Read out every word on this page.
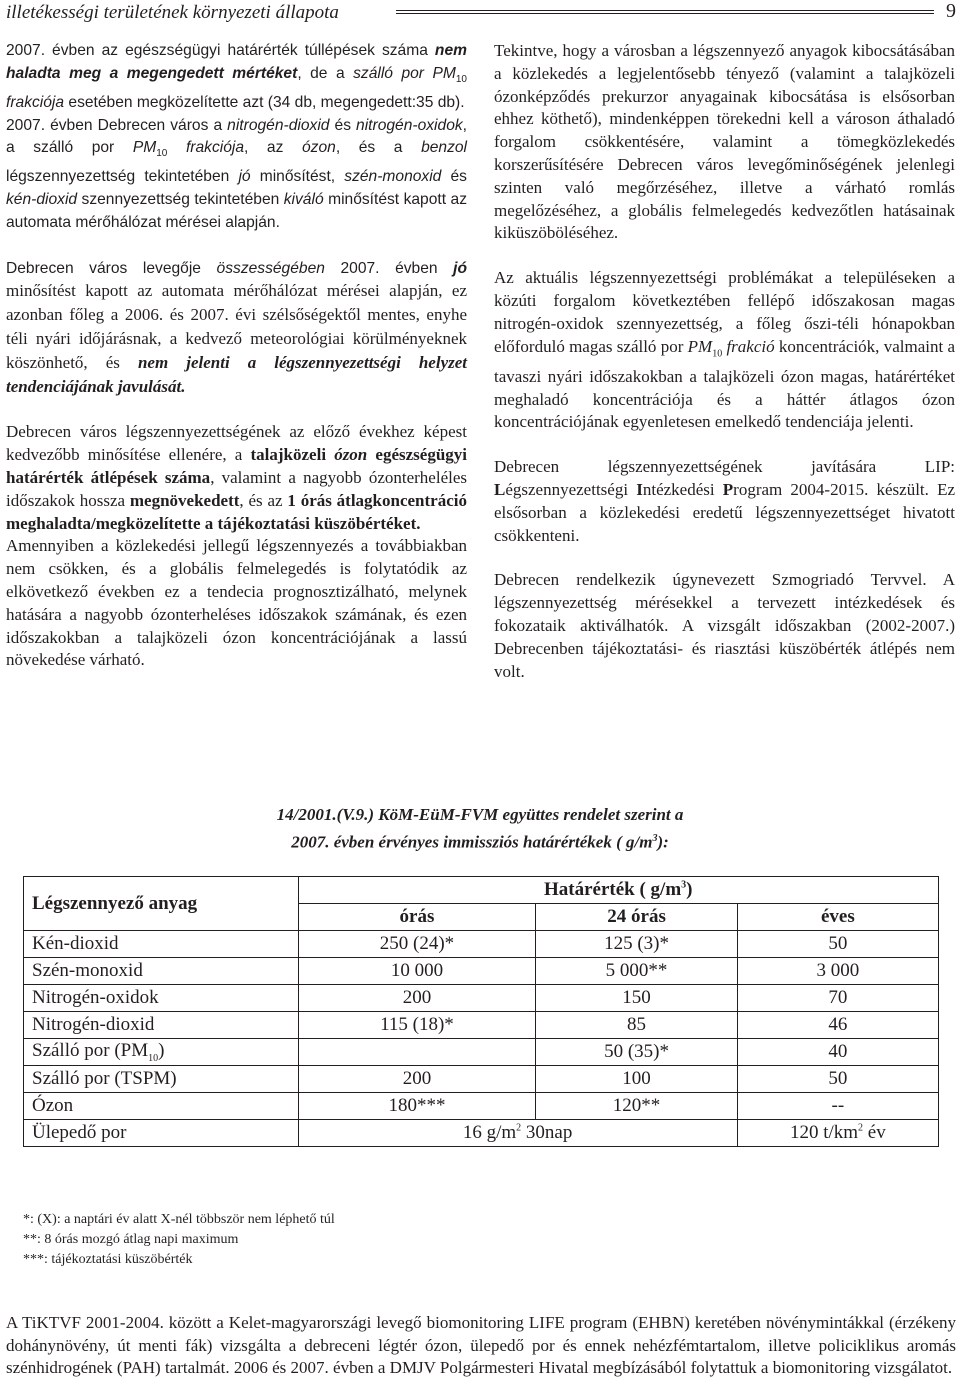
illetékességi területének környezeti állapota	9

2007. évben az egészségügyi határérték túllépések száma nem haladta meg a megengedett mértéket, de a szálló por $PM_{10}$ frakciója esetében megközelítette azt (34 db, megengedett:35 db).

2007. évben Debrecen város a nitrogén-dioxid és nitrogén-oxidok, a szálló por $PM_{10}$ frakciója, az ózon, és a benzol légszennyezettség tekintetében jó minősítést, szén-monoxid és kén-dioxid szennyezettség tekintetében kiváló minősítést kapott az automata mérőhálózat mérései alapján.

Debrecen város levegője összességében 2007. évben jó minősítést kapott az automata mérőhálózat mérései alapján, ez azonban főleg a 2006. és 2007. évi szélsőségektől mentes, enyhe téli nyári időjárásnak, a kedvező meteorológiai körülményeknek köszönhető, és nem jelenti a légszennyezettségi helyzet tendenciájának javulását.

Debrecen város légszennyezettségének az előző évekhez képest kedvezőbb minősítése ellenére, a talajközeli ózon egészségügyi határérték átlépések száma, valamint a nagyobb ózonterheléles időszakok hossza megnövekedett, és az 1 órás átlagkoncentráció meghaladta/megközelítette a tájékoztatási küszöbértéket.

Amennyiben a közlekedési jellegű légszennyezés a továbbiakban nem csökken, és a globális felmelegedés is folytatódik az elkövetkező években ez a tendecia prognosztizálható, melynek hatására a nagyobb ózonterheléses időszakok számának, és ezen időszakokban a talajközeli ózon koncentrációjának a lassú növekedése várható.

Tekintve, hogy a városban a légszennyező anyagok kibocsátásában a közlekedés a legjelentősebb tényező (valamint a talajközeli ózonképződés prekurzor anyagainak kibocsátása is elsősorban ehhez köthető), mindenképpen törekedni kell a városon áthaladó forgalom csökkentésére, valamint a tömegközlekedés korszerűsítésére Debrecen város levegőminőségének jelenlegi szinten való megőrzéséhez, illetve a várható romlás megelőzéséhez, a globális felmelegedés kedvezőtlen hatásainak kiküszöböléséhez.

Az aktuális légszennyezettségi problémákat a településeken a közúti forgalom következtében fellépő időszakosan magas nitrogén-oxidok szennyezettség, a főleg őszi-téli hónapokban előforduló magas szálló por $PM_{10}$ frakció koncentrációk, valmaint a tavaszi nyári időszakokban a talajközeli ózon magas, határértéket meghaladó koncentrációja és a háttér átlagos ózon koncentrációjának egyenletesen emelkedő tendenciája jelenti.

Debrecen légszennyezettségének javítására LIP: Légszennyezettségi Intézkedési Program 2004-2015. készült. Ez elsősorban a közlekedési eredetű légszennyezettséget hivatott csökkenteni.

Debrecen rendelkezik úgynevezett Szmogriadó Tervvel. A légszennyezettség mérésekkel a tervezett intézkedések és fokozataik aktiválhatók. A vizsgált időszakban (2002-2007.) Debrecenben tájékoztatási- és riasztási küszöbérték átlépés nem volt.

14/2001.(V.9.) KöM-EüM-FVM együttes rendelet szerint a
2007. évben érvényes immissziós határértékek ( $g/m^3$):
Légszennyező anyag	Határérték ( $g/m^3$)		
	órás	24 órás	éves
Kén-dioxid	250 (24)*	125 (3)*	50
Szén-monoxid	10 000	5 000**	3 000
Nitrogén-oxidok	200	150	70
Nitrogén-dioxid	115 (18)*	85	46
Szálló por $(PM_{10})$		50 (35)*	40
Szálló por (TSPM)	200	100	50
Ózon	180***	120**	--
Ülepedő por	16 $g/m^2$ 30nap		120 $t/km^2$ év
*: (X): a naptári év alatt X-nél többször nem léphető túl
**: 8 órás mozgó átlag napi maximum
***: tájékoztatási küszöbérték

A TiKTVF 2001-2004. között a Kelet-magyarországi levegő biomonitoring LIFE program (EHBN) keretében növénymintákkal (érzékeny dohánynövény, út menti fák) vizsgálta a debreceni légtér ózon, ülepedő por és ennek nehézfémtartalom, illetve policiklikus aromás szénhidrogének (PAH) tartalmát. 2006 és 2007. évben a DMJV Polgármesteri Hivatal megbízásából folytattuk a biomonitoring vizsgálatot.
